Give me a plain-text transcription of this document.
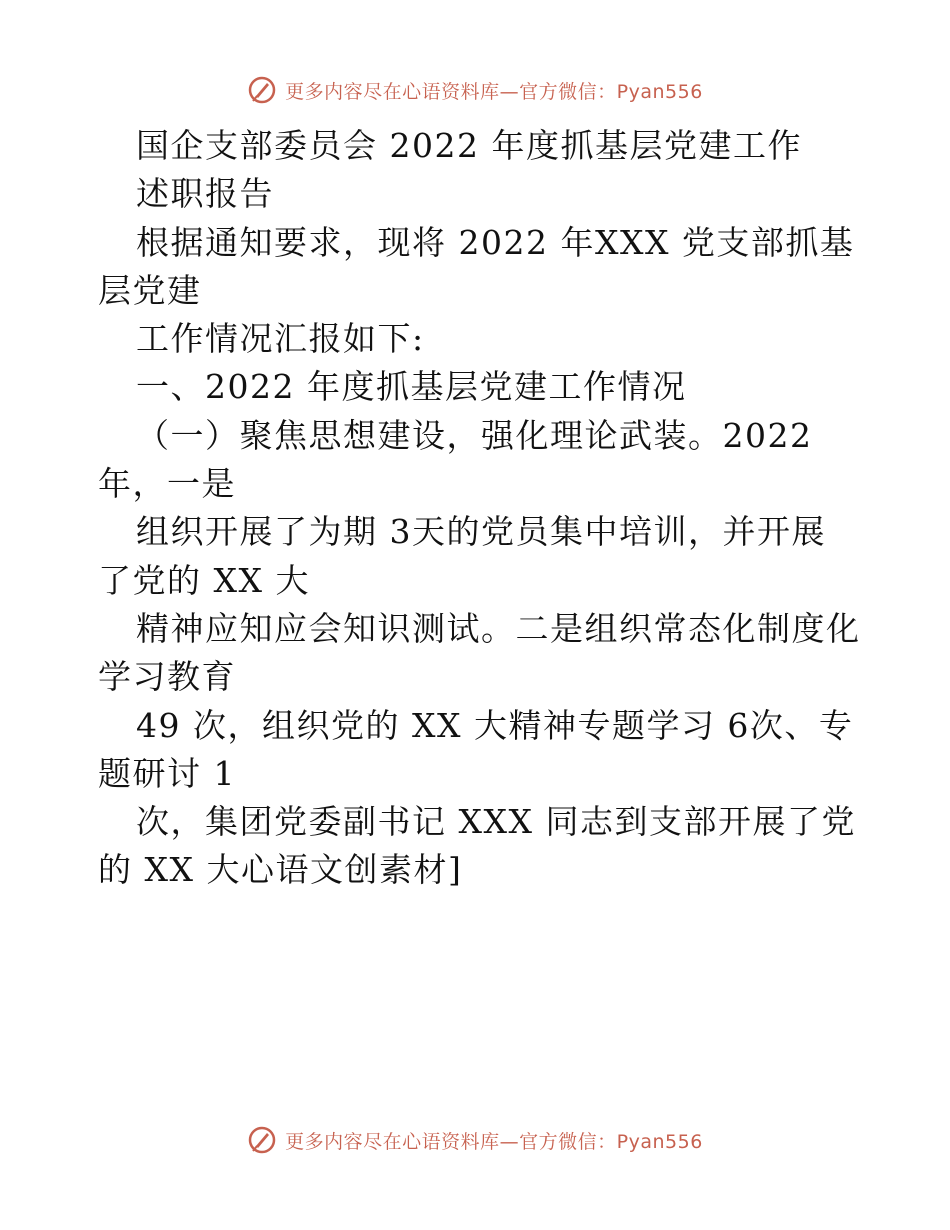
更多内容尽在心语资料库—官方微信：Pyan556
国企支部委员会 2022 年度抓基层党建工作
述职报告
根据通知要求，现将 2022 年XXX 党支部抓基
层党建
工作情况汇报如下:
一、2022 年度抓基层党建工作情况
（一）聚焦思想建设，强化理论武装。2022
年，一是
组织开展了为期 3天的党员集中培训，并开展
了党的 XX 大
精神应知应会知识测试。二是组织常态化制度化
学习教育
49 次，组织党的 XX 大精神专题学习 6次、专
题研讨 1
次，集团党委副书记 XXX 同志到支部开展了党
的 XX 大心语文创素材]
更多内容尽在心语资料库—官方微信：Pyan556
